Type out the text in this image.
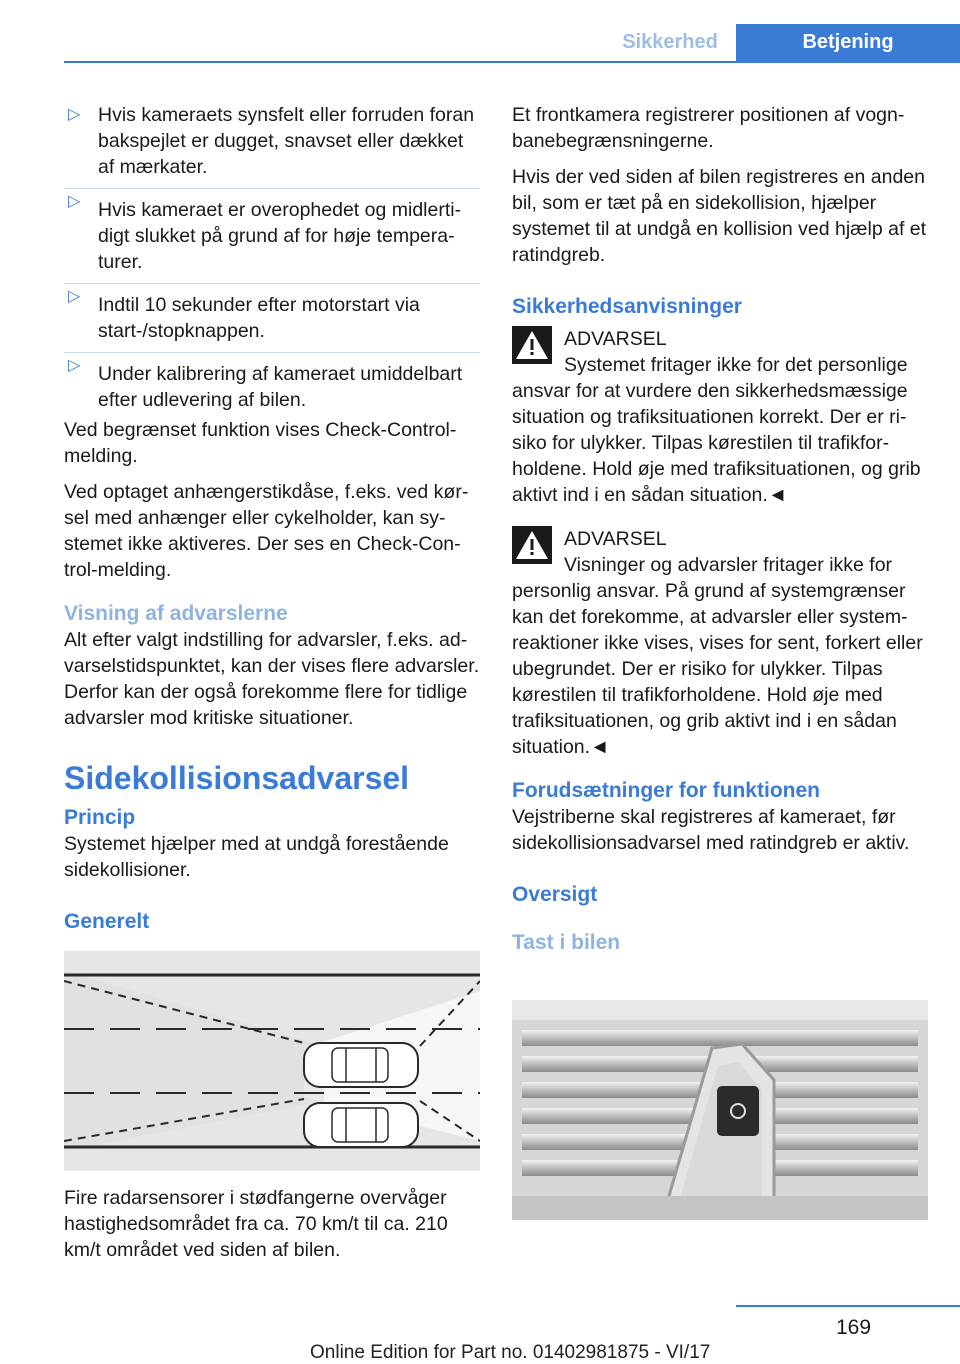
Sikkerhed	Betjening
▷ Hvis kameraets synsfelt eller forruden foran bakspejlet er dugget, snavset eller dækket af mærkater.
▷ Hvis kameraet er overophedet og midlertidigt slukket på grund af for høje temperaturer.
▷ Indtil 10 sekunder efter motorstart via start-/stopknappen.
▷ Under kalibrering af kameraet umiddelbart efter udlevering af bilen.

Ved begrænset funktion vises Check-Control-melding.

Ved optaget anhængerstikdåse, f.eks. ved kørsel med anhænger eller cykelholder, kan systemet ikke aktiveres. Der ses en Check-Control-melding.

Visning af advarslerne

Alt efter valgt indstilling for advarsler, f.eks. advarselstidspunktet, kan der vises flere advarsler. Derfor kan der også forekomme flere for tidlige advarsler mod kritiske situationer.

Sidekollisionsadvarsel
Princip

Systemet hjælper med at undgå forestående sidekollisioner.

Generelt

Fire radarsensorer i stødfangerne overvåger hastighedsområdet fra ca. 70 km/t til ca. 210 km/t området ved siden af bilen.

Et frontkamera registrerer positionen af vognbanebegrænsningerne.

Hvis der ved siden af bilen registreres en anden bil, som er tæt på en sidekollision, hjælper systemet til at undgå en kollision ved hjælp af et ratindgreb.

Sikkerhedsanvisninger
ADVARSEL

Systemet fritager ikke for det personlige ansvar for at vurdere den sikkerhedsmæssige situation og trafiksituationen korrekt. Der er risiko for ulykker. Tilpas kørestilen til trafikforholdene. Hold øje med trafiksituationen, og grib aktivt ind i en sådan situation.◄

ADVARSEL

Visninger og advarsler fritager ikke for personlig ansvar. På grund af systemgrænser kan det forekomme, at advarsler eller systemreaktioner ikke vises, vises for sent, forkert eller ubegrundet. Der er risiko for ulykker. Tilpas kørestilen til trafikforholdene. Hold øje med trafiksituationen, og grib aktivt ind i en sådan situation.◄

Forudsætninger for funktionen

Vejstriberne skal registreres af kameraet, før sidekollisionsadvarsel med ratindgreb er aktiv.

Oversigt
Tast i bilen
169
Online Edition for Part no. 01402981875 - VI/17
